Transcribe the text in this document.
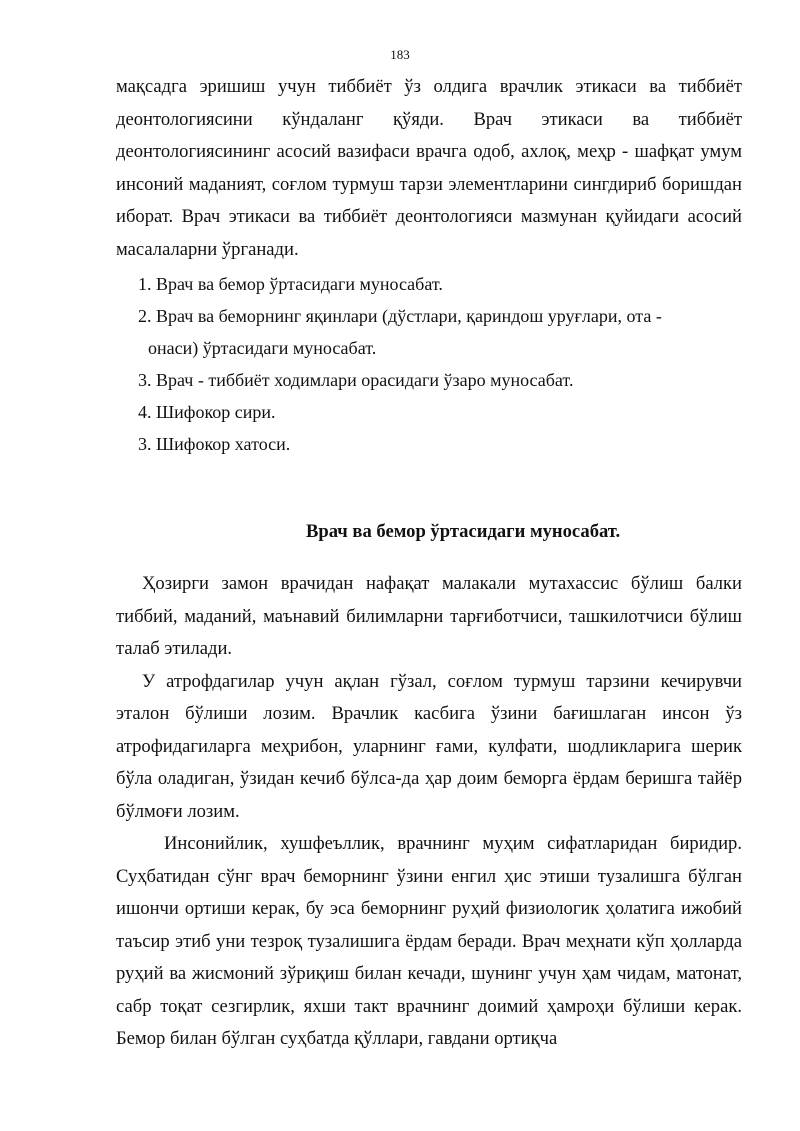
183

мақсадга эришиш учун тиббиёт ўз олдига врачлик этикаси ва тиббиёт деонтологиясини кўндаланг қўяди. Врач этикаси ва тиббиёт деонтологиясининг асосий вазифаси врачга одоб, ахлоқ, меҳр - шафқат умум инсоний маданият, соғлом турмуш тарзи элементларини сингдириб боришдан иборат. Врач этикаси ва тиббиёт деонтологияси мазмунан қуйидаги асосий масалаларни ўрганади.

1. Врач ва бемор ўртасидаги муносабат.

2. Врач ва беморнинг яқинлари (дўстлари, қариндош уруғлари, ота -
онаси) ўртасидаги муносабат.

3. Врач - тиббиёт ходимлари орасидаги ўзаро муносабат.

4. Шифокор сири.

3. Шифокор хатоси.

Врач ва бемор ўртасидаги муносабат.

Ҳозирги замон врачидан нафақат малакали мутахассис бўлиш балки тиббий, маданий, маънавий билимларни тарғиботчиси, ташкилотчиси бўлиш талаб этилади.

У атрофдагилар учун ақлан гўзал, соғлом турмуш тарзини кечирувчи эталон бўлиши лозим. Врачлик касбига ўзини бағишлаган инсон ўз атрофидагиларга меҳрибон, уларнинг ғами, кулфати, шодликларига шерик бўла оладиган, ўзидан кечиб бўлса-да ҳар доим беморга ёрдам беришга тайёр бўлмоғи лозим.

Инсонийлик, хушфеъллик, врачнинг муҳим сифатларидан биридир. Суҳбатидан сўнг врач беморнинг ўзини енгил ҳис этиши тузалишга бўлган ишончи ортиши керак, бу эса беморнинг руҳий физиологик ҳолатига ижобий таъсир этиб уни тезроқ тузалишига ёрдам беради. Врач меҳнати кўп ҳолларда руҳий ва жисмоний зўриқиш билан кечади, шунинг учун ҳам чидам, матонат, сабр тоқат сезгирлик, яхши такт врачнинг доимий ҳамроҳи бўлиши керак. Бемор билан бўлган суҳбатда қўллари, гавдани ортиқча
